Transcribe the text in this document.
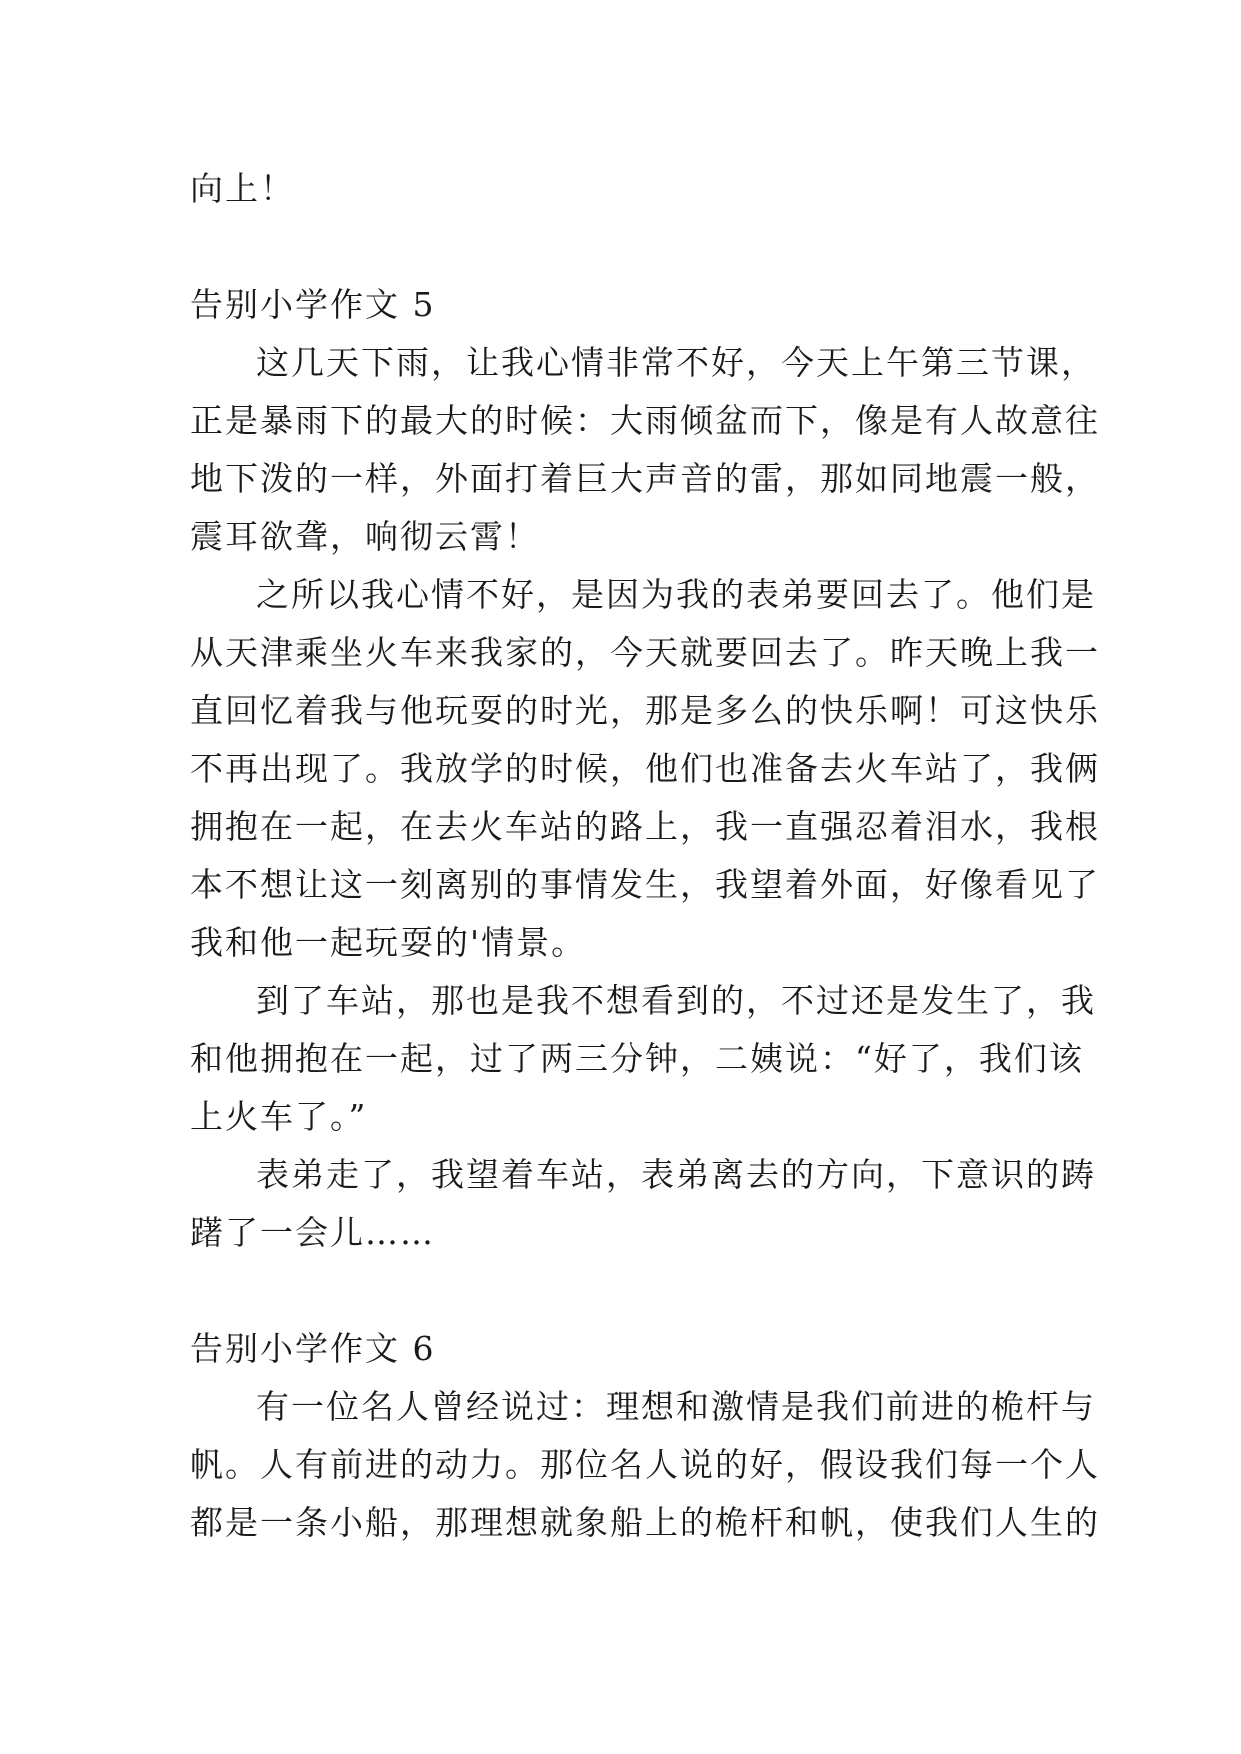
向上！

告别小学作文 5

这几天下雨，让我心情非常不好，今天上午第三节课，

正是暴雨下的最大的时候：大雨倾盆而下，像是有人故意往

地下泼的一样，外面打着巨大声音的雷，那如同地震一般，

震耳欲聋，响彻云霄！

之所以我心情不好，是因为我的表弟要回去了。他们是

从天津乘坐火车来我家的，今天就要回去了。昨天晚上我一

直回忆着我与他玩耍的时光，那是多么的快乐啊！可这快乐

不再出现了。我放学的时候，他们也准备去火车站了，我俩

拥抱在一起，在去火车站的路上，我一直强忍着泪水，我根

本不想让这一刻离别的事情发生，我望着外面，好像看见了

我和他一起玩耍的'情景。

到了车站，那也是我不想看到的，不过还是发生了，我

和他拥抱在一起，过了两三分钟，二姨说：“好了，我们该

上火车了。”

表弟走了，我望着车站，表弟离去的方向，下意识的踌

躇了一会儿……

告别小学作文 6

有一位名人曾经说过：理想和激情是我们前进的桅杆与

帆。人有前进的动力。那位名人说的好，假设我们每一个人

都是一条小船，那理想就象船上的桅杆和帆，使我们人生的
